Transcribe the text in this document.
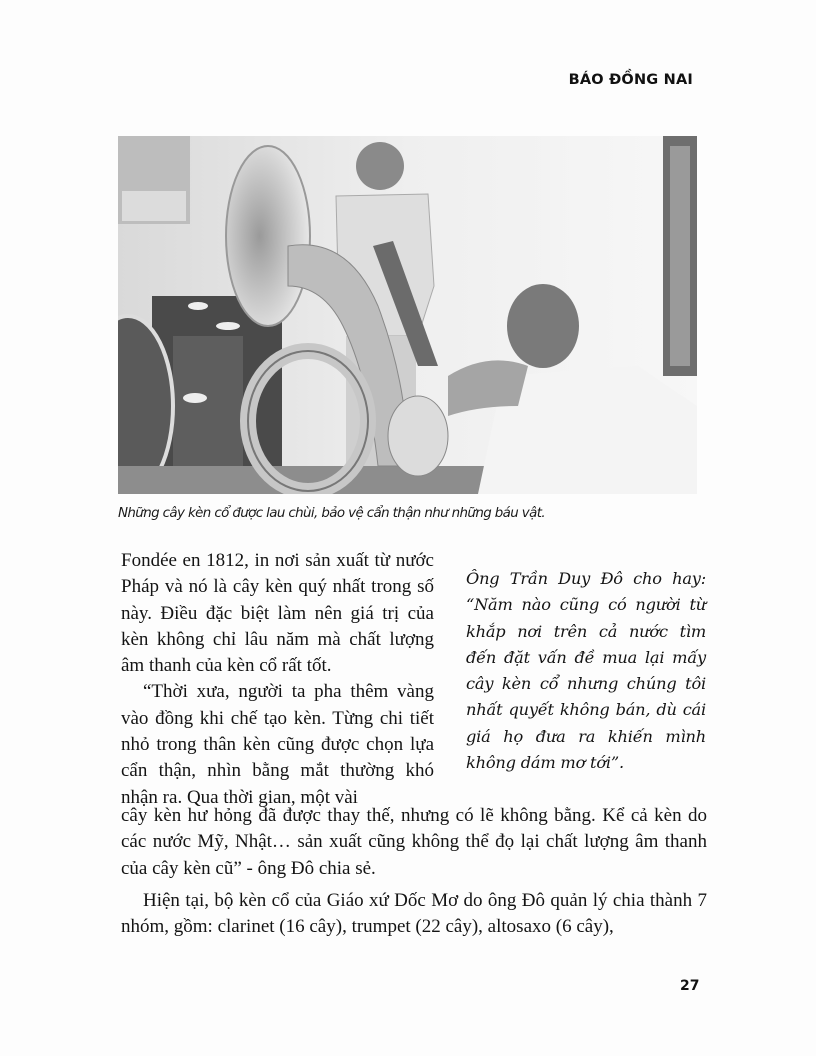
BÁO ĐỒNG NAI
Những cây kèn cổ được lau chùi, bảo vệ cẩn thận như những báu vật.

Fondée en 1812, in nơi sản xuất từ nước Pháp và nó là cây kèn quý nhất trong số này. Điều đặc biệt làm nên giá trị của kèn không chỉ lâu năm mà chất lượng âm thanh của kèn cổ rất tốt.

“Thời xưa, người ta pha thêm vàng vào đồng khi chế tạo kèn. Từng chi tiết nhỏ trong thân kèn cũng được chọn lựa cẩn thận, nhìn bằng mắt thường khó nhận ra. Qua thời gian, một vài

Ông Trần Duy Đô cho hay: “Năm nào cũng có người từ khắp nơi trên cả nước tìm đến đặt vấn đề mua lại mấy cây kèn cổ nhưng chúng tôi nhất quyết không bán, dù cái giá họ đưa ra khiến mình không dám mơ tới”.

cây kèn hư hỏng đã được thay thế, nhưng có lẽ không bằng. Kể cả kèn do các nước Mỹ, Nhật… sản xuất cũng không thể đọ lại chất lượng âm thanh của cây kèn cũ” - ông Đô chia sẻ.

Hiện tại, bộ kèn cổ của Giáo xứ Dốc Mơ do ông Đô quản lý chia thành 7 nhóm, gồm: clarinet (16 cây), trumpet (22 cây), altosaxo (6 cây),

27
